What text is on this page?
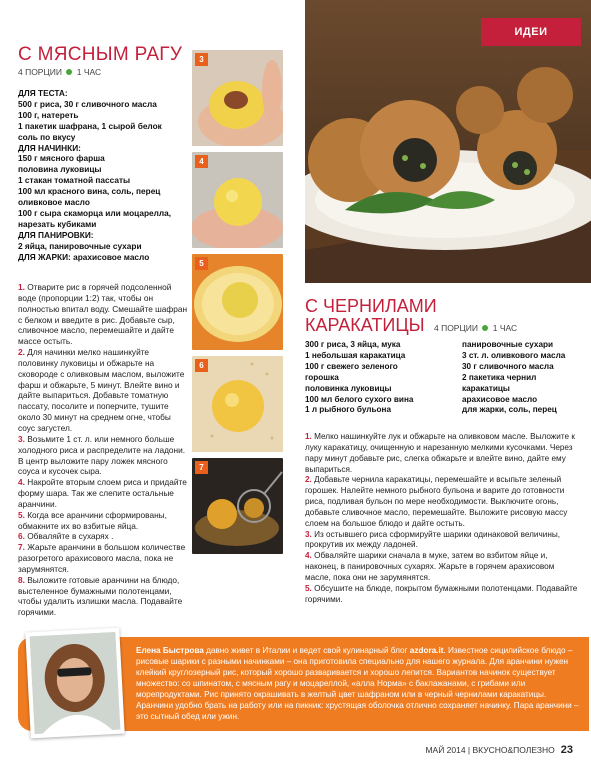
С МЯСНЫМ РАГУ
4 ПОРЦИИ 1 ЧАС
ДЛЯ ТЕСТА:
500 г риса, 30 г сливочного масла
100 г, натереть
1 пакетик шафрана, 1 сырой белок
соль по вкусу
ДЛЯ НАЧИНКИ:
150 г мясного фарша
половина луковицы
1 стакан томатной пассаты
100 мл красного вина, соль, перец
оливковое масло
100 г сыра скаморца или моцарелла,
нарезать кубиками
ДЛЯ ПАНИРОВКИ:
2 яйца, панировочные сухари
ДЛЯ ЖАРКИ: арахисовое масло

1. Отварите рис в горячей подсоленной воде (пропорции 1:2) так, чтобы он полностью впитал воду. Смешайте шафран с белком и введите в рис. Добавьте сыр, сливочное масло, перемешайте и дайте массе остыть.

2. Для начинки мелко нашинкуйте половинку луковицы и обжарьте на сковороде с оливковым маслом, выложите фарш и обжарьте, 5 минут. Влейте вино и дайте выпариться. Добавьте томатную пассату, посолите и поперчите, тушите около 30 минут на среднем огне, чтобы соус загустел.

3. Возьмите 1 ст. л. или немного больше холодного риса и распределите на ладони. В центр выложите пару ложек мясного соуса и кусочек сыра.

4. Накройте вторым слоем риса и придайте форму шара. Так же слепите остальные аранчини.

5. Когда все аранчини сформированы, обмакните их во взбитые яйца.

6. Обваляйте в сухарях .

7. Жарьте аранчини в большом количестве разогретого арахисового масла, пока не зарумянятся.

8. Выложите готовые аранчини на блюдо, выстеленное бумажными полотенцами, чтобы удалить излишки масла. Подавайте горячими.

3
4
5
6
7
ИДЕИ
С ЧЕРНИЛАМИ
КАРАКАТИЦЫ	4 ПОРЦИИ 1 ЧАС
300 г риса, 3 яйца, мука
1 небольшая каракатица
100 г свежего зеленого
горошка
половинка луковицы
100 мл белого сухого вина
1 л рыбного бульона
панировочные сухари
3 ст. л. оливкового масла
30 г сливочного масла
2 пакетика чернил
каракатицы
арахисовое масло
для жарки, соль, перец

1. Мелко нашинкуйте лук и обжарьте на оливковом масле. Выложите к луку каракатицу, очищенную и нарезанную мелкими кусочками. Через пару минут добавьте рис, слегка обжарьте и влейте вино, дайте ему выпариться.

2. Добавьте чернила каракатицы, перемешайте и всыпьте зеленый горошек. Налейте немного рыбного бульона и варите до готовности риса, подливая бульон по мере необходимости. Выключите огонь, добавьте сливочное масло, перемешайте. Выложите рисовую массу слоем на большое блюдо и дайте остыть.

3. Из остывшего риса сформируйте шарики одинаковой величины, прокрутив их между ладоней.

4. Обваляйте шарики сначала в муке, затем во взбитом яйце и, наконец, в панировочных сухарях. Жарьте в горячем арахисовом масле, пока они не зарумянятся.

5. Обсушите на блюде, покрытом бумажными полотенцами. Подавайте горячими.

Елена Быстрова давно живет в Италии и ведет свой кулинарный блог azdora.it. Известное сицилийское блюдо – рисовые шарики с разными начинками – она приготовила специально для нашего журнала. Для аранчини нужен клейкий круглозерный рис, который хорошо разваривается и хорошо лепится. Вариантов начинок существует множество: со шпинатом, с мясным рагу и моцареллой, «алла Норма» с баклажанами, с грибами или морепродуктами. Рис принято окрашивать в желтый цвет шафраном или в черный чернилами каракатицы. Аранчини удобно брать на работу или на пикник: хрустящая оболочка отлично сохраняет начинку. Пара аранчини – это сытный обед или ужин.
МАЙ 2014 | ВКУСНО&ПОЛЕЗНО 23
